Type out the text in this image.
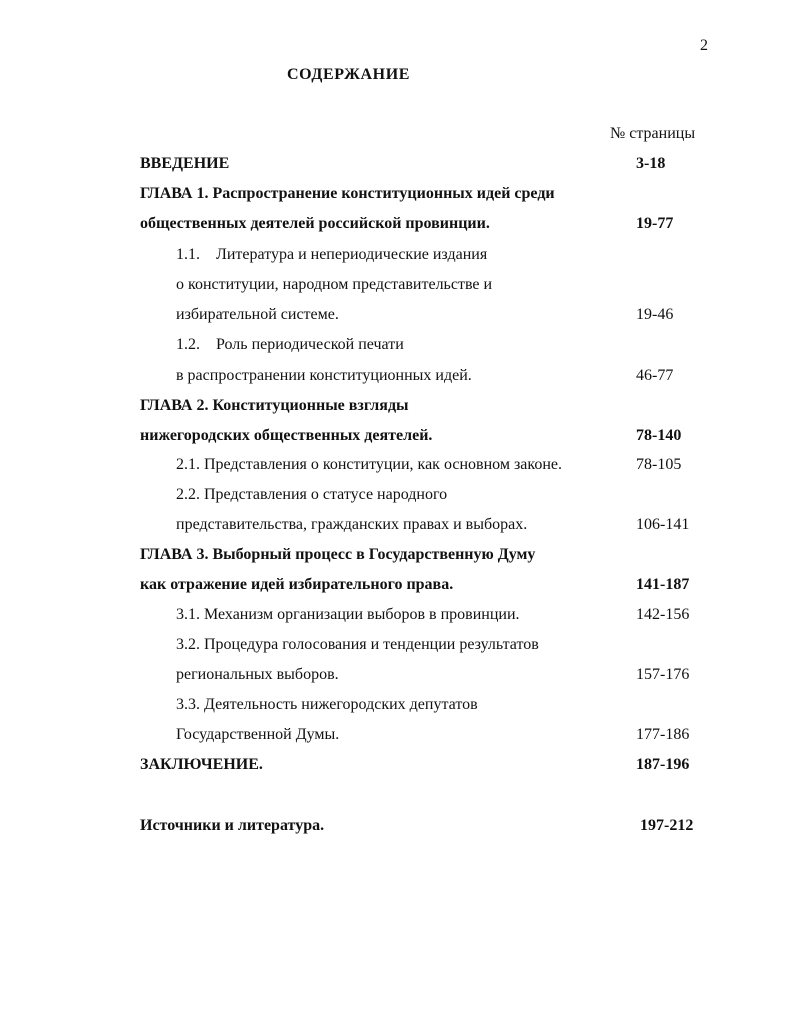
2
СОДЕРЖАНИЕ
№ страницы
ВВЕДЕНИЕ	3-18
ГЛАВА 1. Распространение конституционных идей среди
общественных деятелей российской провинции.	19-77
1.1.    Литература и непериодические издания
о конституции, народном представительстве и
избирательной системе.	19-46
1.2.    Роль периодической печати
в распространении конституционных идей.	46-77
ГЛАВА 2. Конституционные взгляды
нижегородских общественных деятелей.	78-140
2.1. Представления о конституции, как основном законе.	78-105
2.2. Представления о статусе народного
представительства, гражданских правах и выборах.	106-141
ГЛАВА 3. Выборный процесс в Государственную Думу
как отражение идей избирательного права.	141-187
3.1. Механизм организации выборов в провинции.	142-156
3.2. Процедура голосования и тенденции результатов
региональных выборов.	157-176
3.3. Деятельность нижегородских депутатов
Государственной Думы.	177-186
ЗАКЛЮЧЕНИЕ.	187-196
Источники и литература.	197-212
